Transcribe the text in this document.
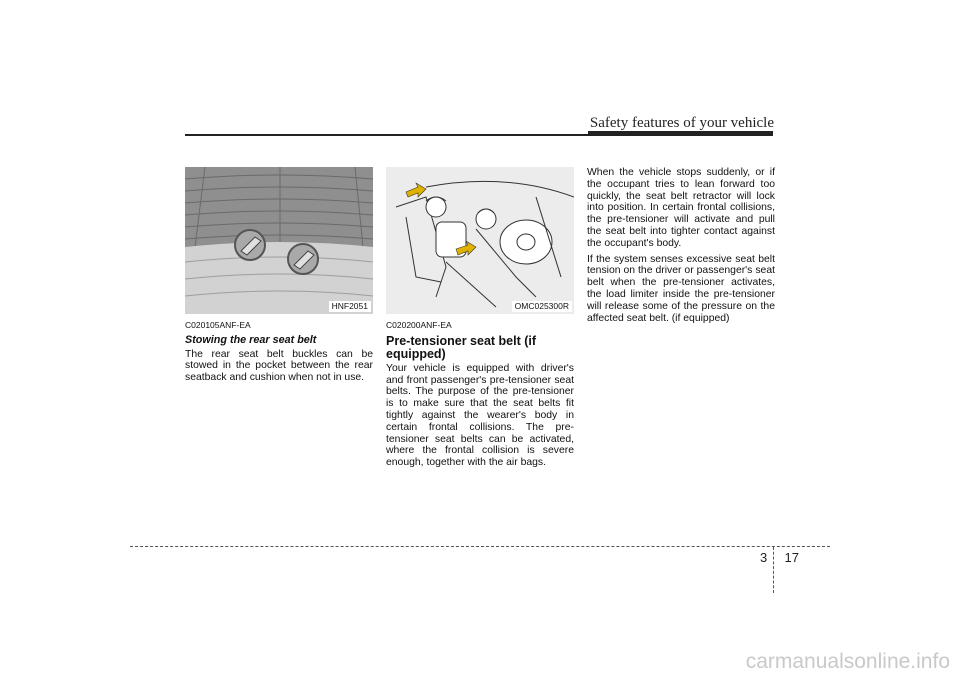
Safety features of your vehicle
HNF2051
C020105ANF-EA
Stowing the rear seat belt

The rear seat belt buckles can be stowed in the pocket between the rear seatback and cushion when not in use.

OMC025300R
C020200ANF-EA
Pre-tensioner seat belt (if equipped)

Your vehicle is equipped with driver's and front passenger's pre-tensioner seat belts. The purpose of the pre-tensioner is to make sure that the seat belts fit tightly against the wearer's body in certain frontal collisions. The pre-tensioner seat belts can be activated, where the frontal collision is severe enough, together with the air bags.

When the vehicle stops suddenly, or if the occupant tries to lean forward too quickly, the seat belt retractor will lock into position. In certain frontal collisions, the pre-tensioner will activate and pull the seat belt into tighter contact against the occupant's body.

If the system senses excessive seat belt tension on the driver or passenger's seat belt when the pre-tensioner activates, the load limiter inside the pre-tensioner will release some of the pressure on the affected seat belt. (if equipped)

3 17
carmanualsonline.info
